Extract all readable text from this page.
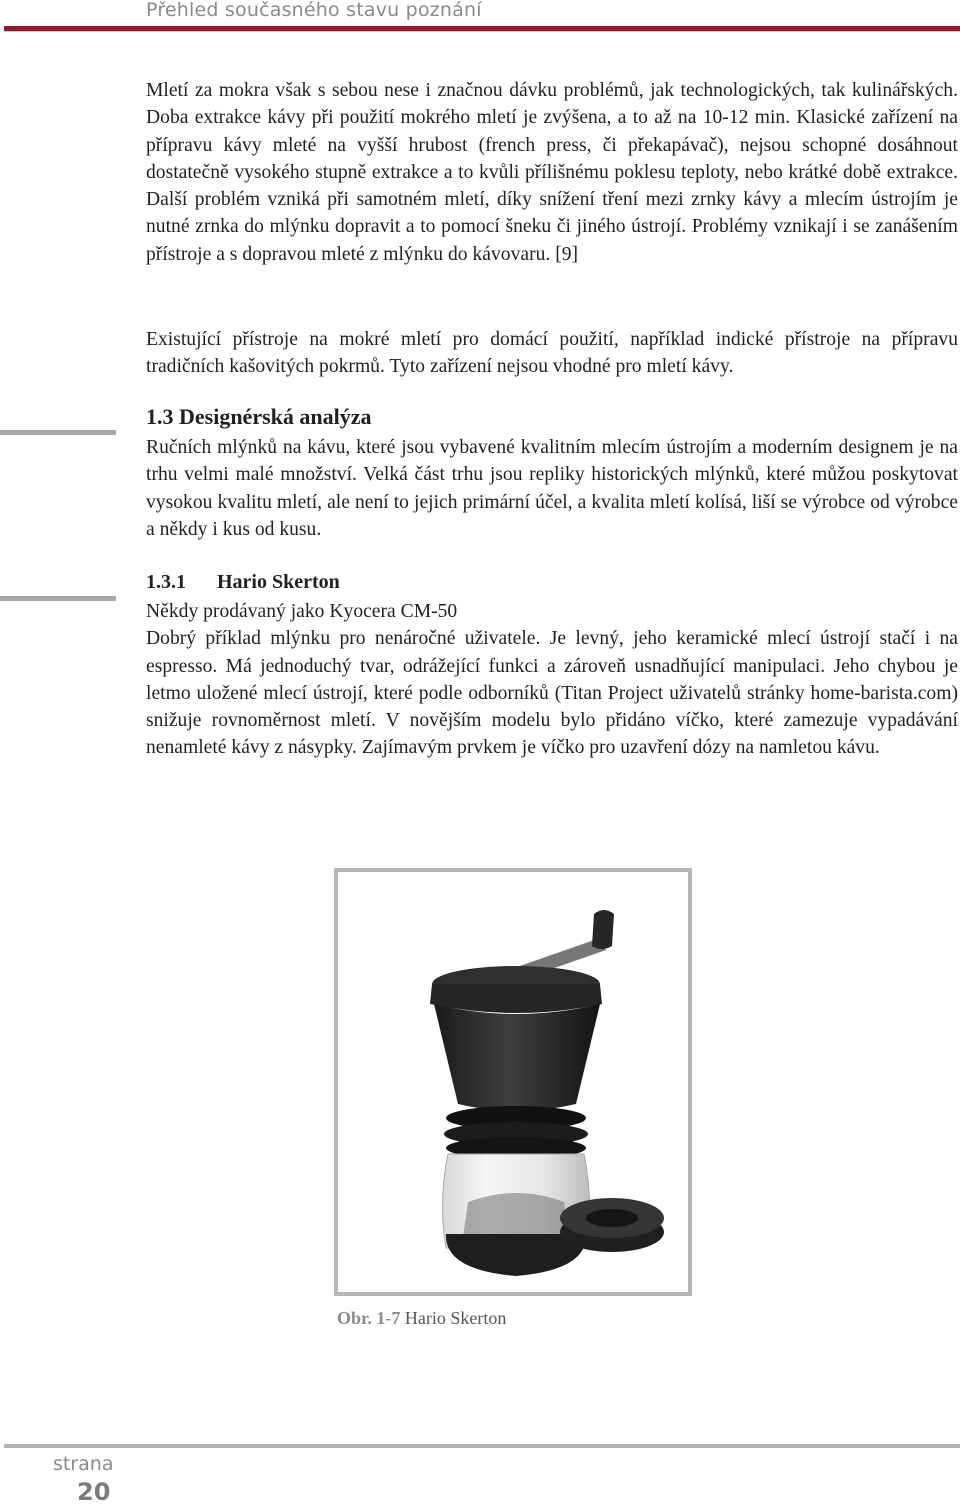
Přehled současného stavu poznání

Mletí za mokra však s sebou nese i značnou dávku problémů, jak technologických, tak kulinářských. Doba extrakce kávy při použití mokrého mletí je zvýšena, a to až na 10-12 min. Klasické zařízení na přípravu kávy mleté na vyšší hrubost (french press, či překapávač), nejsou schopné dosáhnout dostatečně vysokého stupně extrakce a to kvůli přílišnému poklesu teploty, nebo krátké době extrakce. Další problém vzniká při samotném mletí, díky snížení tření mezi zrnky kávy a mlecím ústrojím je nutné zrnka do mlýnku dopravit a to pomocí šneku či jiného ústrojí. Problémy vznikají i se zanášením přístroje a s dopravou mleté z mlýnku do kávovaru. [9]

Existující přístroje na mokré mletí pro domácí použití, například indické přístroje na přípravu tradičních kašovitých pokrmů. Tyto zařízení nejsou vhodné pro mletí kávy.

1.3 Designérská analýza

Ručních mlýnků na kávu, které jsou vybavené kvalitním mlecím ústrojím a moderním designem je na trhu velmi malé množství. Velká část trhu jsou repliky historických mlýnků, které můžou poskytovat vysokou kvalitu mletí, ale není to jejich primární účel, a kvalita mletí kolísá, liší se výrobce od výrobce a někdy i kus od kusu.

1.3.1 Hario Skerton

Někdy prodávaný jako Kyocera CM-50

Dobrý příklad mlýnku pro nenáročné uživatele. Je levný, jeho keramické mlecí ústrojí stačí i na espresso. Má jednoduchý tvar, odrážející funkci a zároveň usnadňující manipulaci. Jeho chybou je letmo uložené mlecí ústrojí, které podle odborníků (Titan Project uživatelů stránky home-barista.com) snižuje rovnoměrnost mletí. V novějším modelu bylo přidáno víčko, které zamezuje vypadávání nenamleté kávy z násypky. Zajímavým prvkem je víčko pro uzavření dózy na namletou kávu.

Obr. 1-7 Hario Skerton
strana
20
